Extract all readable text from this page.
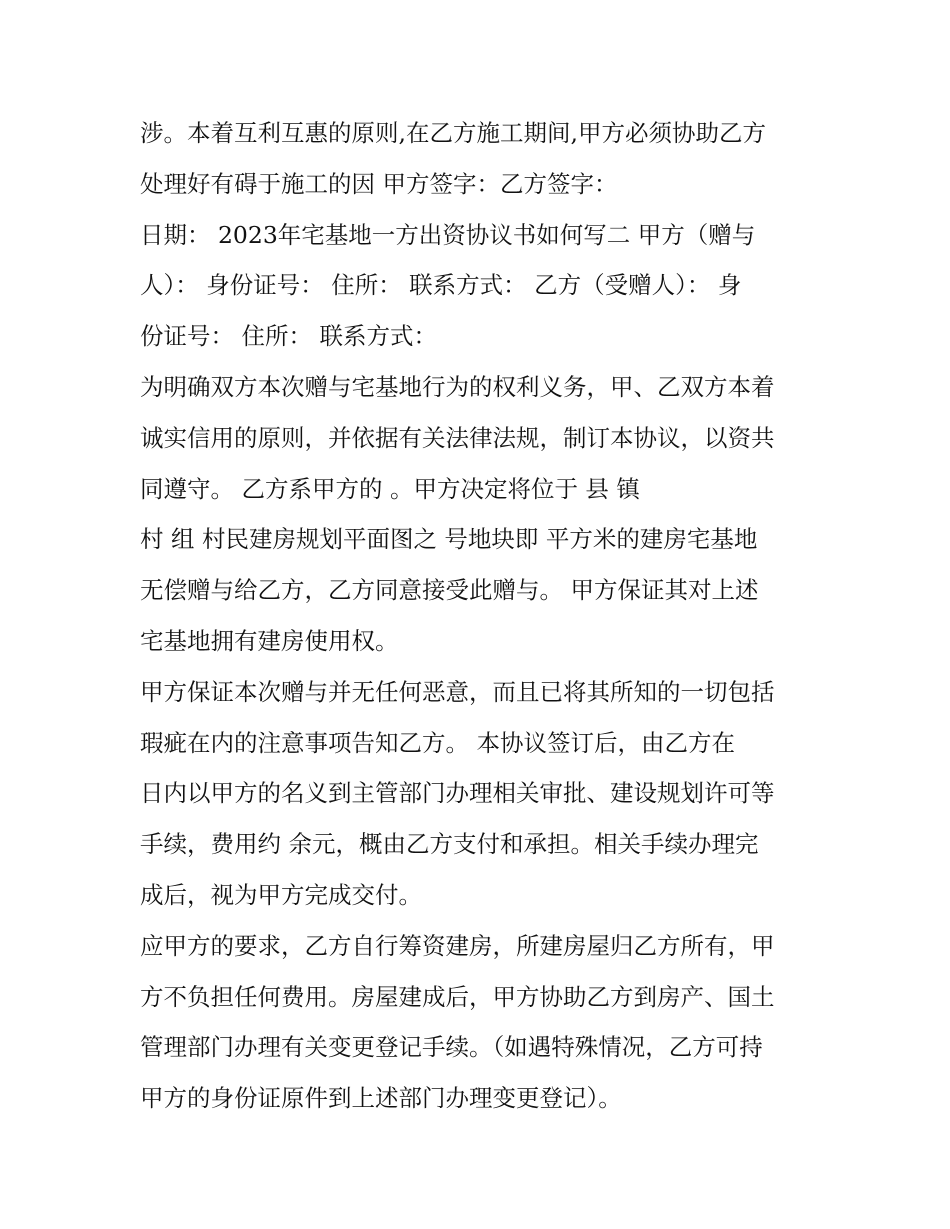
涉。本着互利互惠的原则,在乙方施工期间,甲方必须协助乙方
处理好有碍于施工的因 甲方签字：乙方签字：
日期： 2023年宅基地一方出资协议书如何写二 甲方（赠与
人）： 身份证号： 住所： 联系方式： 乙方（受赠人）： 身
份证号： 住所： 联系方式：
为明确双方本次赠与宅基地行为的权利义务，甲、乙双方本着
诚实信用的原则，并依据有关法律法规，制订本协议，以资共
同遵守。 乙方系甲方的 。甲方决定将位于 县 镇
村 组 村民建房规划平面图之 号地块即 平方米的建房宅基地
无偿赠与给乙方，乙方同意接受此赠与。 甲方保证其对上述
宅基地拥有建房使用权。
甲方保证本次赠与并无任何恶意，而且已将其所知的一切包括
瑕疵在内的注意事项告知乙方。 本协议签订后，由乙方在
日内以甲方的名义到主管部门办理相关审批、建设规划许可等
手续，费用约 余元，概由乙方支付和承担。相关手续办理完
成后，视为甲方完成交付。
应甲方的要求，乙方自行筹资建房，所建房屋归乙方所有，甲
方不负担任何费用。房屋建成后，甲方协助乙方到房产、国土
管理部门办理有关变更登记手续。（如遇特殊情况，乙方可持
甲方的身份证原件到上述部门办理变更登记）。
